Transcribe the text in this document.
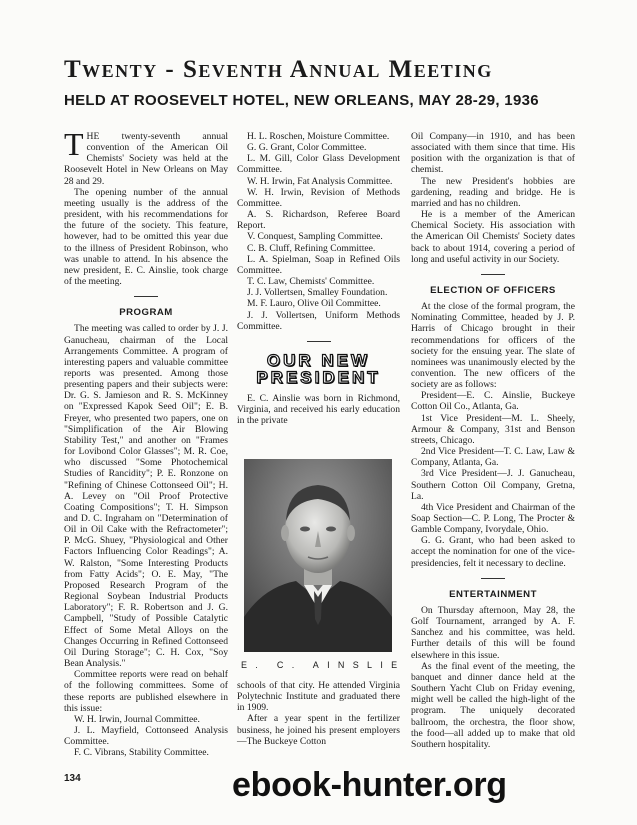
Twenty - Seventh Annual Meeting
HELD AT ROOSEVELT HOTEL, NEW ORLEANS, MAY 28-29, 1936

THE twenty-seventh annual convention of the American Oil Chemists' Society was held at the Roosevelt Hotel in New Orleans on May 28 and 29.

The opening number of the annual meeting usually is the address of the president, with his recommendations for the future of the society. This feature, however, had to be omitted this year due to the illness of President Robinson, who was unable to attend. In his absence the new president, E. C. Ainslie, took charge of the meeting.

PROGRAM

The meeting was called to order by J. J. Ganucheau, chairman of the Local Arrangements Committee. A program of interesting papers and valuable committee reports was presented. Among those presenting papers and their subjects were: Dr. G. S. Jamieson and R. S. McKinney on "Expressed Kapok Seed Oil"; E. B. Freyer, who presented two papers, one on "Simplification of the Air Blowing Stability Test," and another on "Frames for Lovibond Color Glasses"; M. R. Coe, who discussed "Some Photochemical Studies of Rancidity"; P. E. Ronzone on "Refining of Chinese Cottonseed Oil"; H. A. Levey on "Oil Proof Protective Coating Compositions"; T. H. Simpson and D. C. Ingraham on "Determination of Oil in Oil Cake with the Refractometer"; P. McG. Shuey, "Physiological and Other Factors Influencing Color Readings"; A. W. Ralston, "Some Interesting Products from Fatty Acids"; O. E. May, "The Proposed Research Program of the Regional Soybean Industrial Products Laboratory"; F. R. Robertson and J. G. Campbell, "Study of Possible Catalytic Effect of Some Metal Alloys on the Changes Occurring in Refined Cottonseed Oil During Storage"; C. H. Cox, "Soy Bean Analysis."

Committee reports were read on behalf of the following committees. Some of these reports are published elsewhere in this issue:

W. H. Irwin, Journal Committee.

J. L. Mayfield, Cottonseed Analysis Committee.

F. C. Vibrans, Stability Committee.

H. L. Roschen, Moisture Committee.

G. G. Grant, Color Committee.

L. M. Gill, Color Glass Development Committee.

W. H. Irwin, Fat Analysis Committee.

W. H. Irwin, Revision of Methods Committee.

A. S. Richardson, Referee Board Report.

V. Conquest, Sampling Committee.

C. B. Cluff, Refining Committee.

L. A. Spielman, Soap in Refined Oils Committee.

T. C. Law, Chemists' Committee.

J. J. Vollertsen, Smalley Foundation.

M. F. Lauro, Olive Oil Committee.

J. J. Vollertsen, Uniform Methods Committee.

OUR NEW
PRESIDENT

E. C. Ainslie was born in Richmond, Virginia, and received his early education in the private

E. C. AINSLIE

schools of that city. He attended Virginia Polytechnic Institute and graduated there in 1909.

After a year spent in the fertilizer business, he joined his present employers—The Buckeye Cotton

Oil Company—in 1910, and has been associated with them since that time. His position with the organization is that of chemist.

The new President's hobbies are gardening, reading and bridge. He is married and has no children.

He is a member of the American Chemical Society. His association with the American Oil Chemists' Society dates back to about 1914, covering a period of long and useful activity in our Society.

ELECTION OF OFFICERS

At the close of the formal program, the Nominating Committee, headed by J. P. Harris of Chicago brought in their recommendations for officers of the society for the ensuing year. The slate of nominees was unanimously elected by the convention. The new officers of the society are as follows:

President—E. C. Ainslie, Buckeye Cotton Oil Co., Atlanta, Ga.

1st Vice President—M. L. Sheely, Armour & Company, 31st and Benson streets, Chicago.

2nd Vice President—T. C. Law, Law & Company, Atlanta, Ga.

3rd Vice President—J. J. Ganucheau, Southern Cotton Oil Company, Gretna, La.

4th Vice President and Chairman of the Soap Section—C. P. Long, The Procter & Gamble Company, Ivorydale, Ohio.

G. G. Grant, who had been asked to accept the nomination for one of the vice-presidencies, felt it necessary to decline.

ENTERTAINMENT

On Thursday afternoon, May 28, the Golf Tournament, arranged by A. F. Sanchez and his committee, was held. Further details of this will be found elsewhere in this issue.

As the final event of the meeting, the banquet and dinner dance held at the Southern Yacht Club on Friday evening, might well be called the high-light of the program. The uniquely decorated ballroom, the orchestra, the floor show, the food—all added up to make that old Southern hospitality.

134	ebook-hunter.org
